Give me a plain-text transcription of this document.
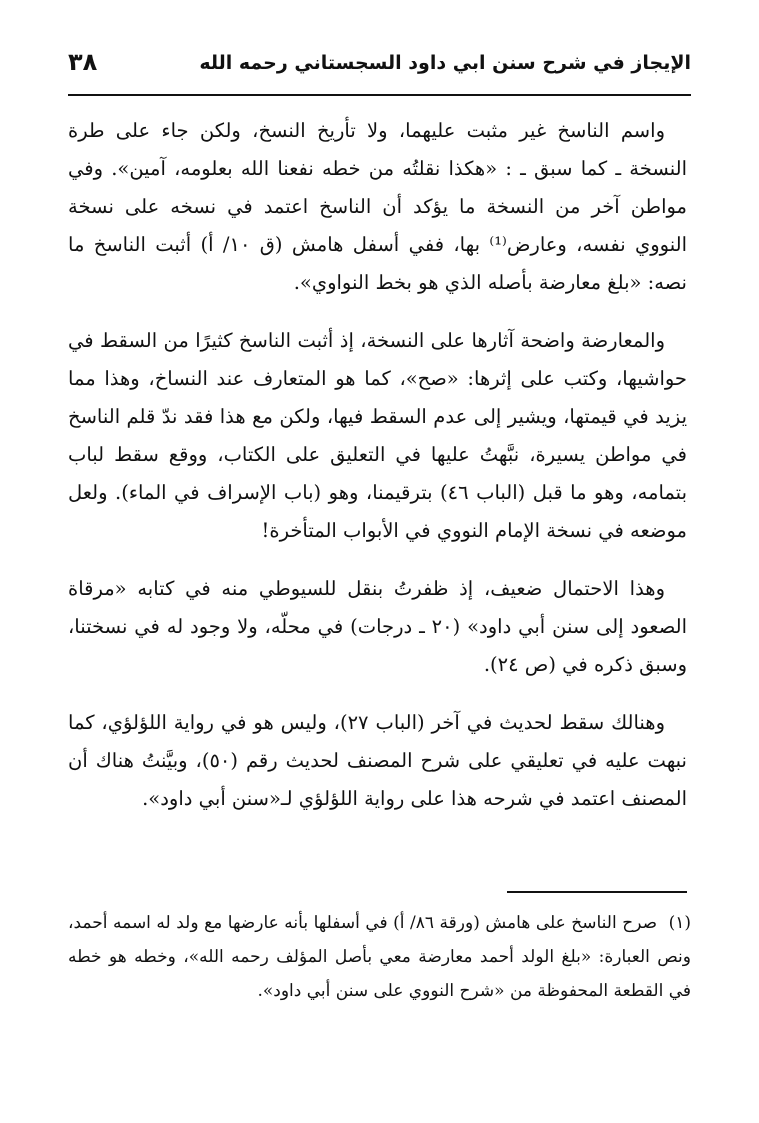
الإيجاز في شرح سنن ابي داود السجستاني رحمه الله
٣٨

واسم الناسخ غير مثبت عليهما، ولا تأريخ النسخ، ولكن جاء على طرة النسخة ـ كما سبق ـ : «هكذا نقلتُه من خطه نفعنا الله بعلومه، آمين». وفي مواطن آخر من النسخة ما يؤكد أن الناسخ اعتمد في نسخه على نسخة النووي نفسه، وعارض⁽¹⁾ بها، ففي أسفل هامش (ق ١٠/ أ) أثبت الناسخ ما نصه: «بلغ معارضة بأصله الذي هو بخط النواوي».

والمعارضة واضحة آثارها على النسخة، إذ أثبت الناسخ كثيرًا من السقط في حواشيها، وكتب على إثرها: «صح»، كما هو المتعارف عند النساخ، وهذا مما يزيد في قيمتها، ويشير إلى عدم السقط فيها، ولكن مع هذا فقد ندّ قلم الناسخ في مواطن يسيرة، نبَّهتُ عليها في التعليق على الكتاب، ووقع سقط لباب بتمامه، وهو ما قبل (الباب ٤٦) بترقيمنا، وهو (باب الإسراف في الماء). ولعل موضعه في نسخة الإمام النووي في الأبواب المتأخرة!

وهذا الاحتمال ضعيف، إذ ظفرتُ بنقل للسيوطي منه في كتابه «مرقاة الصعود إلى سنن أبي داود» (٢٠ ـ درجات) في محلّه، ولا وجود له في نسختنا، وسبق ذكره في (ص ٢٤).

وهنالك سقط لحديث في آخر (الباب ٢٧)، وليس هو في رواية اللؤلؤي، كما نبهت عليه في تعليقي على شرح المصنف لحديث رقم (٥٠)، وبيَّنتُ هناك أن المصنف اعتمد في شرحه هذا على رواية اللؤلؤي لـ«سنن أبي داود».

(١) صرح الناسخ على هامش (ورقة ٨٦/ أ) في أسفلها بأنه عارضها مع ولد له اسمه أحمد، ونص العبارة: «بلغ الولد أحمد معارضة معي بأصل المؤلف رحمه الله»، وخطه هو خطه في القطعة المحفوظة من «شرح النووي على سنن أبي داود».
